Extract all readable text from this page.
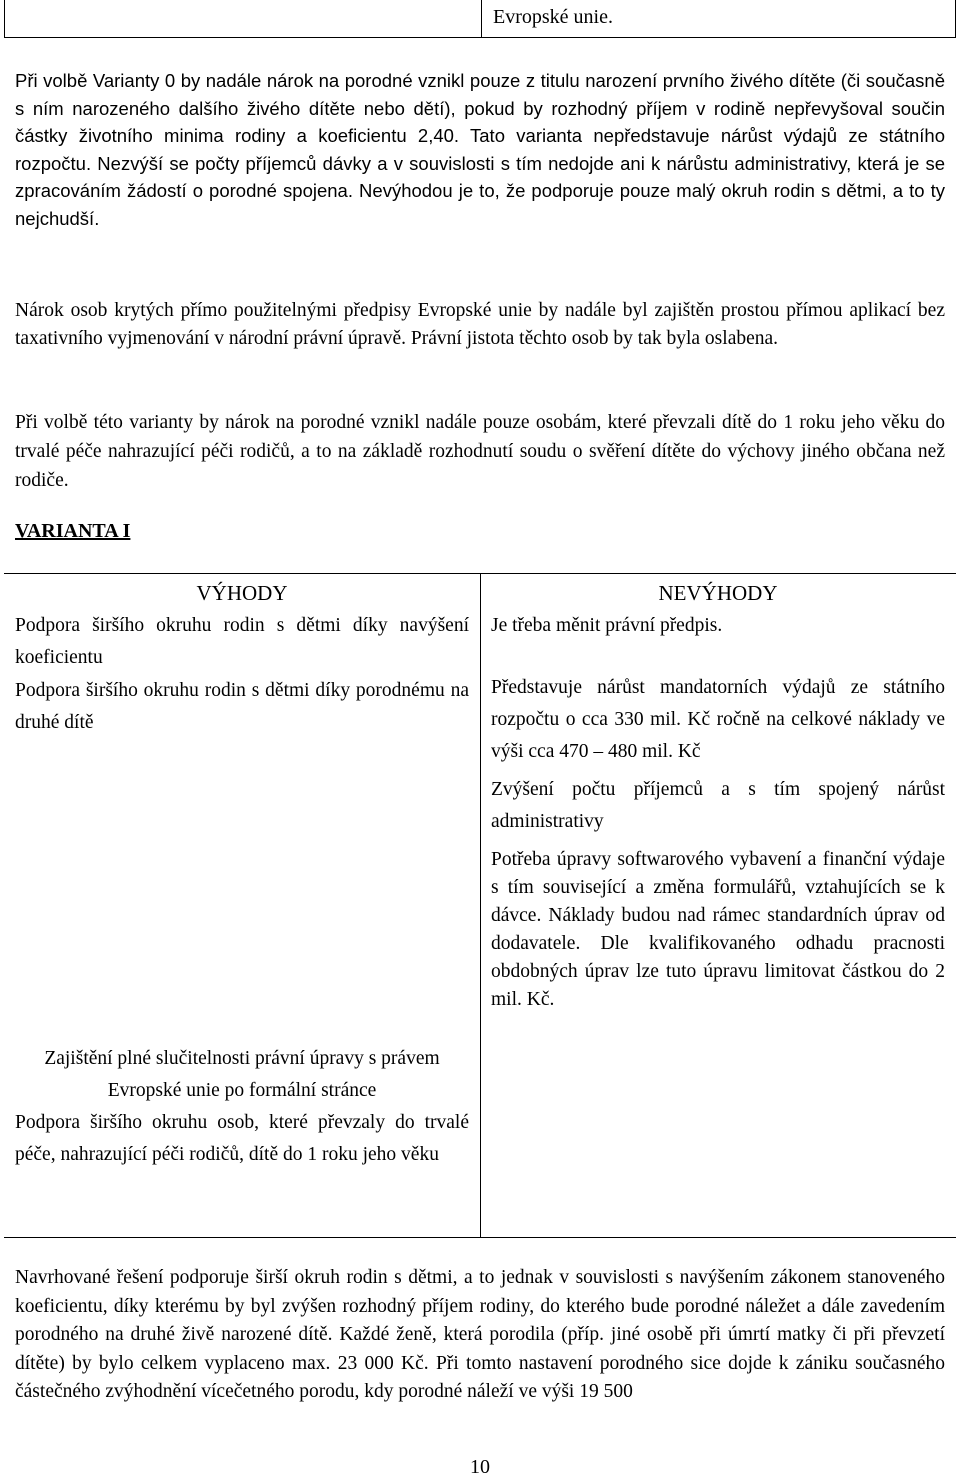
Evropské unie.

Při volbě Varianty 0 by nadále nárok na porodné vznikl pouze z titulu narození prvního živého dítěte (či současně s ním narozeného dalšího živého dítěte nebo dětí), pokud by rozhodný příjem v rodině nepřevyšoval součin částky životního minima rodiny a koeficientu 2,40. Tato varianta nepředstavuje nárůst výdajů ze státního rozpočtu. Nezvýší se počty příjemců dávky a v souvislosti s tím nedojde ani k nárůstu administrativy, která je se zpracováním žádostí o porodné spojena. Nevýhodou je to, že podporuje pouze malý okruh rodin s dětmi, a to ty nejchudší.

Nárok osob krytých přímo použitelnými předpisy Evropské unie by nadále byl zajištěn prostou přímou aplikací bez taxativního vyjmenování v národní právní úpravě. Právní jistota těchto osob by tak byla oslabena.

Při volbě této varianty by nárok na porodné vznikl nadále pouze osobám, které převzali dítě do 1 roku jeho věku do trvalé péče nahrazující péči rodičů, a to na základě rozhodnutí soudu o svěření dítěte do výchovy jiného občana než rodiče.

VARIANTA I

VÝHODY

Podpora širšího okruhu rodin s dětmi díky navýšení koeficientu

Podpora širšího okruhu rodin s dětmi díky porodnému na druhé dítě

Zajištění plné slučitelnosti právní úpravy s právem Evropské unie po formální stránce

Podpora širšího okruhu osob, které převzaly do trvalé péče, nahrazující péči rodičů, dítě do 1 roku jeho věku

NEVÝHODY

Je třeba měnit právní předpis.

Představuje nárůst mandatorních výdajů ze státního rozpočtu o cca 330 mil. Kč ročně na celkové náklady ve výši cca 470 – 480 mil. Kč

Zvýšení počtu příjemců a s tím spojený nárůst administrativy

Potřeba úpravy softwarového vybavení a finanční výdaje s tím související a změna formulářů, vztahujících se k dávce. Náklady budou nad rámec standardních úprav od dodavatele. Dle kvalifikovaného odhadu pracnosti obdobných úprav lze tuto úpravu limitovat částkou do 2 mil. Kč.

Navrhované řešení podporuje širší okruh rodin s dětmi, a to jednak v souvislosti s navýšením zákonem stanoveného koeficientu, díky kterému by byl zvýšen rozhodný příjem rodiny, do kterého bude porodné náležet a dále zavedením porodného na druhé živě narozené dítě. Každé ženě, která porodila (příp. jiné osobě při úmrtí matky či při převzetí dítěte) by bylo celkem vyplaceno max. 23 000 Kč. Při tomto nastavení porodného sice dojde k zániku současného částečného zvýhodnění vícečetného porodu, kdy porodné náleží ve výši 19 500

10
